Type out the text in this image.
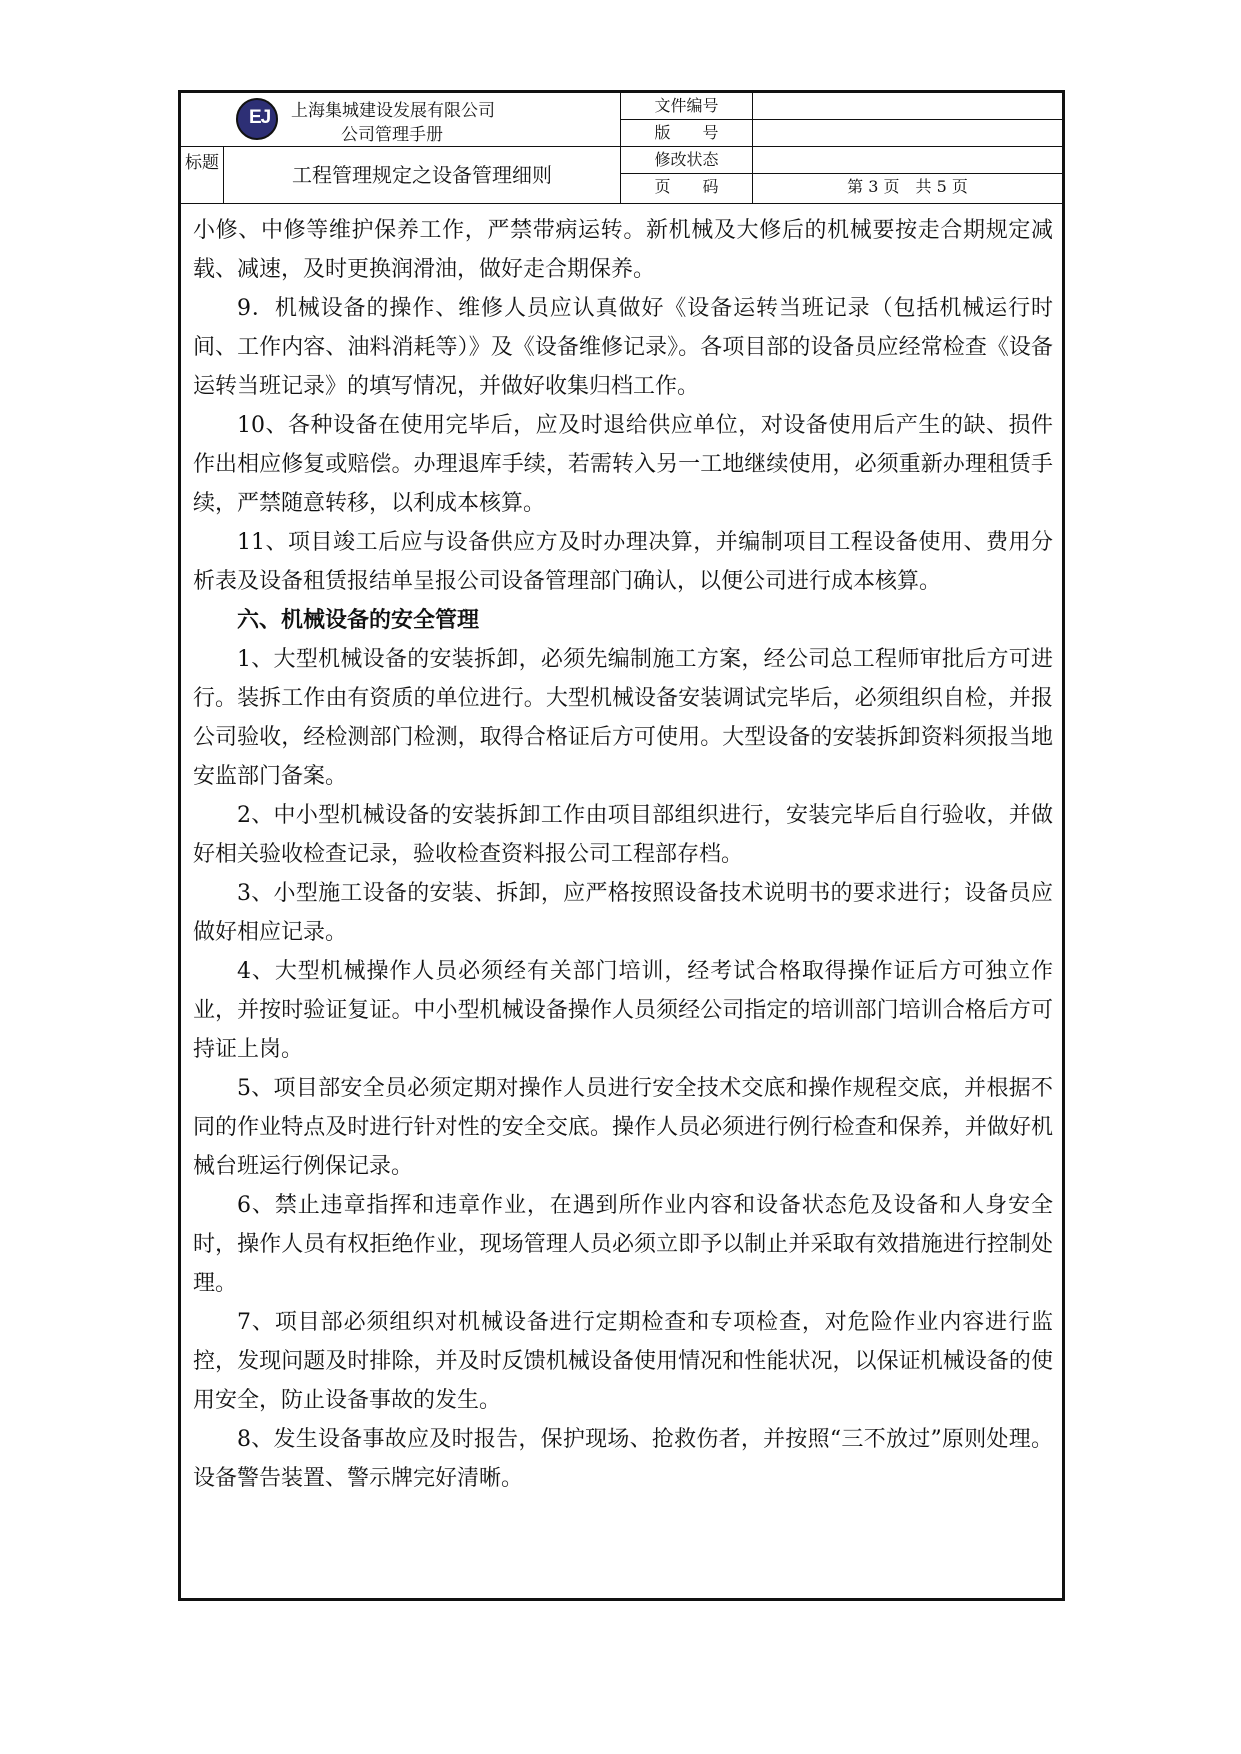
EJ 上海集城建设发展有限公司
公司管理手册
标题	工程管理规定之设备管理细则
文件编号
版　　号
修改状态
页　　码	第 3 页　共 5 页

小修、中修等维护保养工作，严禁带病运转。新机械及大修后的机械要按走合期规定减载、减速，及时更换润滑油，做好走合期保养。

9．机械设备的操作、维修人员应认真做好《设备运转当班记录（包括机械运行时间、工作内容、油料消耗等）》及《设备维修记录》。各项目部的设备员应经常检查《设备运转当班记录》的填写情况，并做好收集归档工作。

10、各种设备在使用完毕后，应及时退给供应单位，对设备使用后产生的缺、损件作出相应修复或赔偿。办理退库手续，若需转入另一工地继续使用，必须重新办理租赁手续，严禁随意转移，以利成本核算。

11、项目竣工后应与设备供应方及时办理决算，并编制项目工程设备使用、费用分析表及设备租赁报结单呈报公司设备管理部门确认，以便公司进行成本核算。

六、机械设备的安全管理

1、大型机械设备的安装拆卸，必须先编制施工方案，经公司总工程师审批后方可进行。装拆工作由有资质的单位进行。大型机械设备安装调试完毕后，必须组织自检，并报公司验收，经检测部门检测，取得合格证后方可使用。大型设备的安装拆卸资料须报当地安监部门备案。

2、中小型机械设备的安装拆卸工作由项目部组织进行，安装完毕后自行验收，并做好相关验收检查记录，验收检查资料报公司工程部存档。

3、小型施工设备的安装、拆卸，应严格按照设备技术说明书的要求进行；设备员应做好相应记录。

4、大型机械操作人员必须经有关部门培训，经考试合格取得操作证后方可独立作业，并按时验证复证。中小型机械设备操作人员须经公司指定的培训部门培训合格后方可持证上岗。

5、项目部安全员必须定期对操作人员进行安全技术交底和操作规程交底，并根据不同的作业特点及时进行针对性的安全交底。操作人员必须进行例行检查和保养，并做好机械台班运行例保记录。

6、禁止违章指挥和违章作业，在遇到所作业内容和设备状态危及设备和人身安全时，操作人员有权拒绝作业，现场管理人员必须立即予以制止并采取有效措施进行控制处理。

7、项目部必须组织对机械设备进行定期检查和专项检查，对危险作业内容进行监控，发现问题及时排除，并及时反馈机械设备使用情况和性能状况，以保证机械设备的使用安全，防止设备事故的发生。

8、发生设备事故应及时报告，保护现场、抢救伤者，并按照“三不放过”原则处理。设备警告装置、警示牌完好清晰。
